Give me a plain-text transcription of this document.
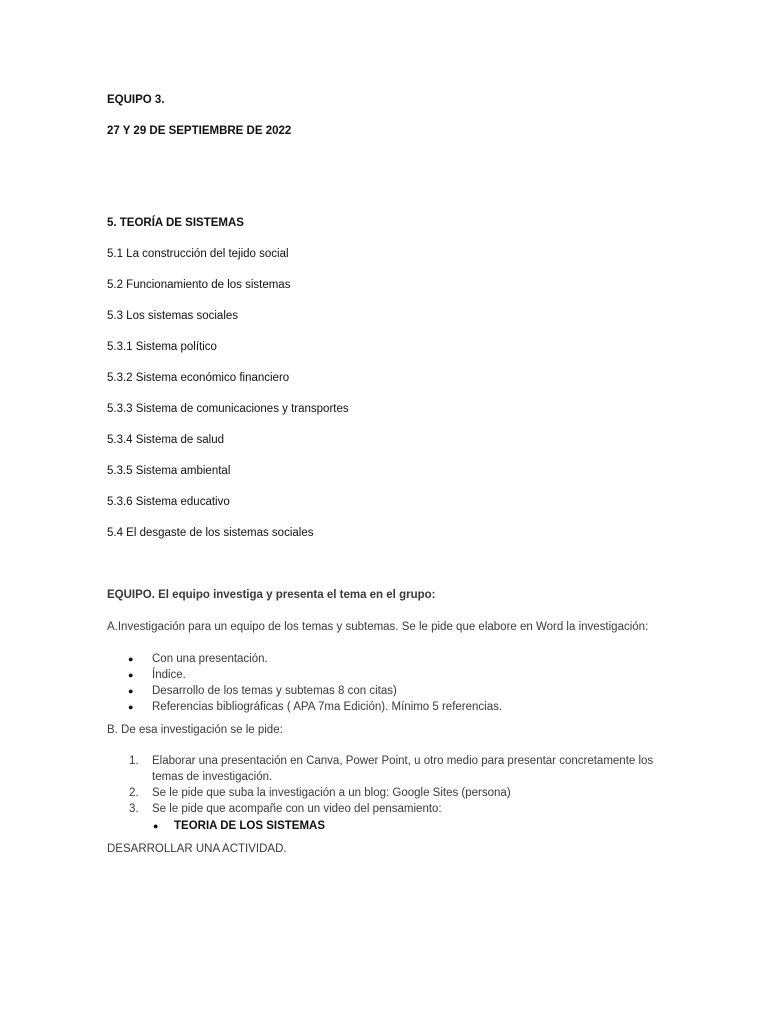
EQUIPO 3.
27 Y 29 DE SEPTIEMBRE DE 2022
5. TEORÍA DE SISTEMAS
5.1 La construcción del tejido social
5.2 Funcionamiento de los sistemas
5.3 Los sistemas sociales
5.3.1 Sistema político
5.3.2 Sistema económico financiero
5.3.3 Sistema de comunicaciones y transportes
5.3.4 Sistema de salud
5.3.5 Sistema ambiental
5.3.6 Sistema educativo
5.4 El desgaste de los sistemas sociales
EQUIPO. El equipo investiga y presenta el tema en el grupo:
A.Investigación para un equipo de los temas y subtemas. Se le pide que elabore en Word la investigación:
● Con una presentación.
● Índice.
● Desarrollo de los temas y subtemas 8 con citas)
● Referencias bibliográficas ( APA 7ma Edición). Mínimo 5 referencias.
B. De esa investigación se le pide:
1. Elaborar una presentación en Canva, Power Point, u otro medio para presentar concretamente los
temas de investigación.
2. Se le pide que suba la investigación a un blog: Google Sites (persona)
3. Se le pide que acompañe con un video del pensamiento:
● TEORIA DE LOS SISTEMAS
DESARROLLAR UNA ACTIVIDAD.
